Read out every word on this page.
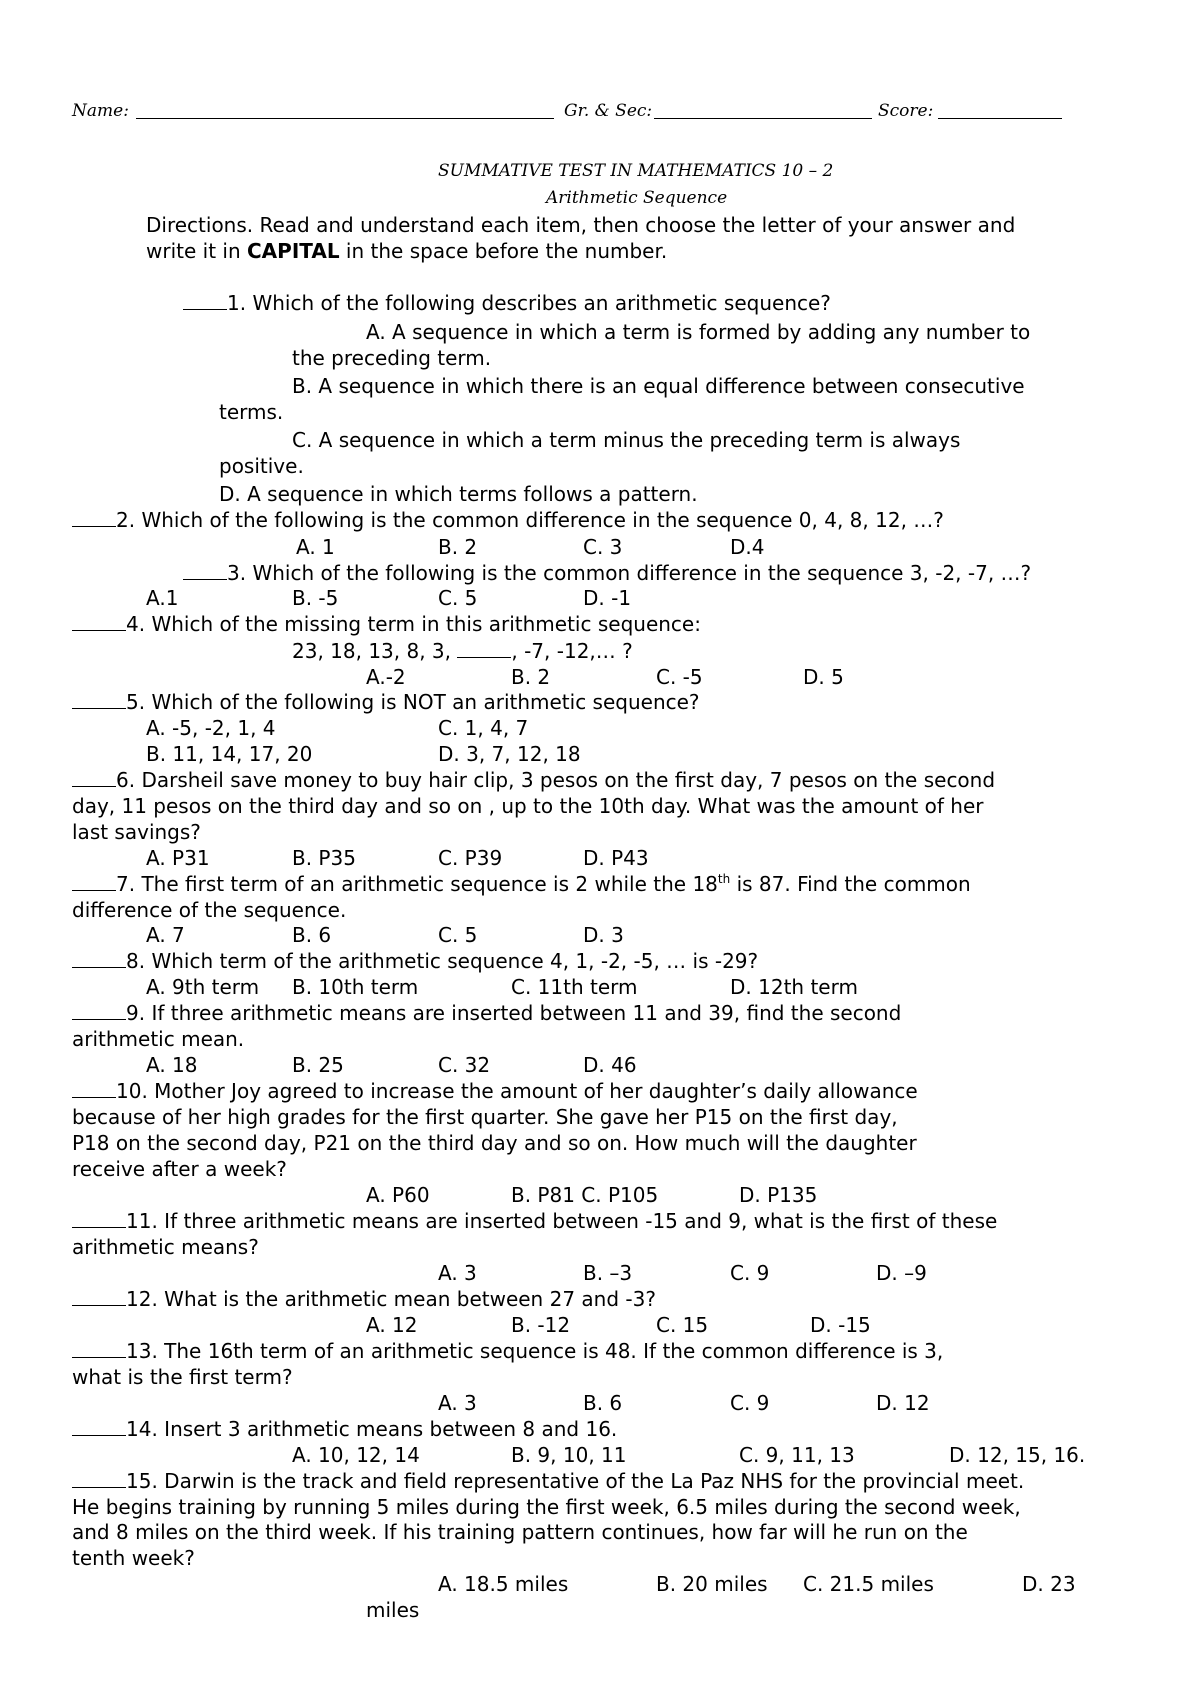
Name:	Gr. & Sec:	Score:
SUMMATIVE TEST IN MATHEMATICS 10 – 2
Arithmetic Sequence
Directions. Read and understand each item, then choose the letter of your answer and
write it in CAPITAL in the space before the number.
1. Which of the following describes an arithmetic sequence?
A. A sequence in which a term is formed by adding any number to
the preceding term.
B. A sequence in which there is an equal difference between consecutive
terms.
C. A sequence in which a term minus the preceding term is always
positive.
D. A sequence in which terms follows a pattern.
2. Which of the following is the common difference in the sequence 0, 4, 8, 12, …?
A. 1	B. 2	C. 3	D.4
3. Which of the following is the common difference in the sequence 3, -2, -7, …?
A.1	B. -5	C. 5	D. -1
4. Which of the missing term in this arithmetic sequence:
23, 18, 13, 8, 3,	, -7, -12,… ?
A.-2	B. 2	C. -5	D. 5
5. Which of the following is NOT an arithmetic sequence?
A. -5, -2, 1, 4	C. 1, 4, 7
B. 11, 14, 17, 20	D. 3, 7, 12, 18
6. Darsheil save money to buy hair clip, 3 pesos on the first day, 7 pesos on the second
day, 11 pesos on the third day and so on , up to the 10th day. What was the amount of her
last savings?
A. P31	B. P35	C. P39	D. P43
7. The first term of an arithmetic sequence is 2 while the 18th is 87. Find the common
difference of the sequence.
A. 7	B. 6	C. 5	D. 3
8. Which term of the arithmetic sequence 4, 1, -2, -5, … is -29?
A. 9th term B. 10th term	C. 11th term	D. 12th term
9. If three arithmetic means are inserted between 11 and 39, find the second
arithmetic mean.
A. 18	B. 25	C. 32	D. 46
10. Mother Joy agreed to increase the amount of her daughter’s daily allowance
because of her high grades for the first quarter. She gave her P15 on the first day,
P18 on the second day, P21 on the third day and so on. How much will the daughter
receive after a week?
A. P60	B. P81 C. P105	D. P135
11. If three arithmetic means are inserted between -15 and 9, what is the first of these
arithmetic means?
A. 3	B. –3	C. 9	D. –9
12. What is the arithmetic mean between 27 and -3?
A. 12	B. -12	C. 15	D. -15
13. The 16th term of an arithmetic sequence is 48. If the common difference is 3,
what is the first term?
A. 3	B. 6	C. 9	D. 12
14. Insert 3 arithmetic means between 8 and 16.
A. 10, 12, 14	B. 9, 10, 11	C. 9, 11, 13	D. 12, 15, 16.
15. Darwin is the track and field representative of the La Paz NHS for the provincial meet.
He begins training by running 5 miles during the first week, 6.5 miles during the second week,
and 8 miles on the third week. If his training pattern continues, how far will he run on the
tenth week?
A. 18.5 miles	B. 20 miles C. 21.5 miles	D. 23
miles
